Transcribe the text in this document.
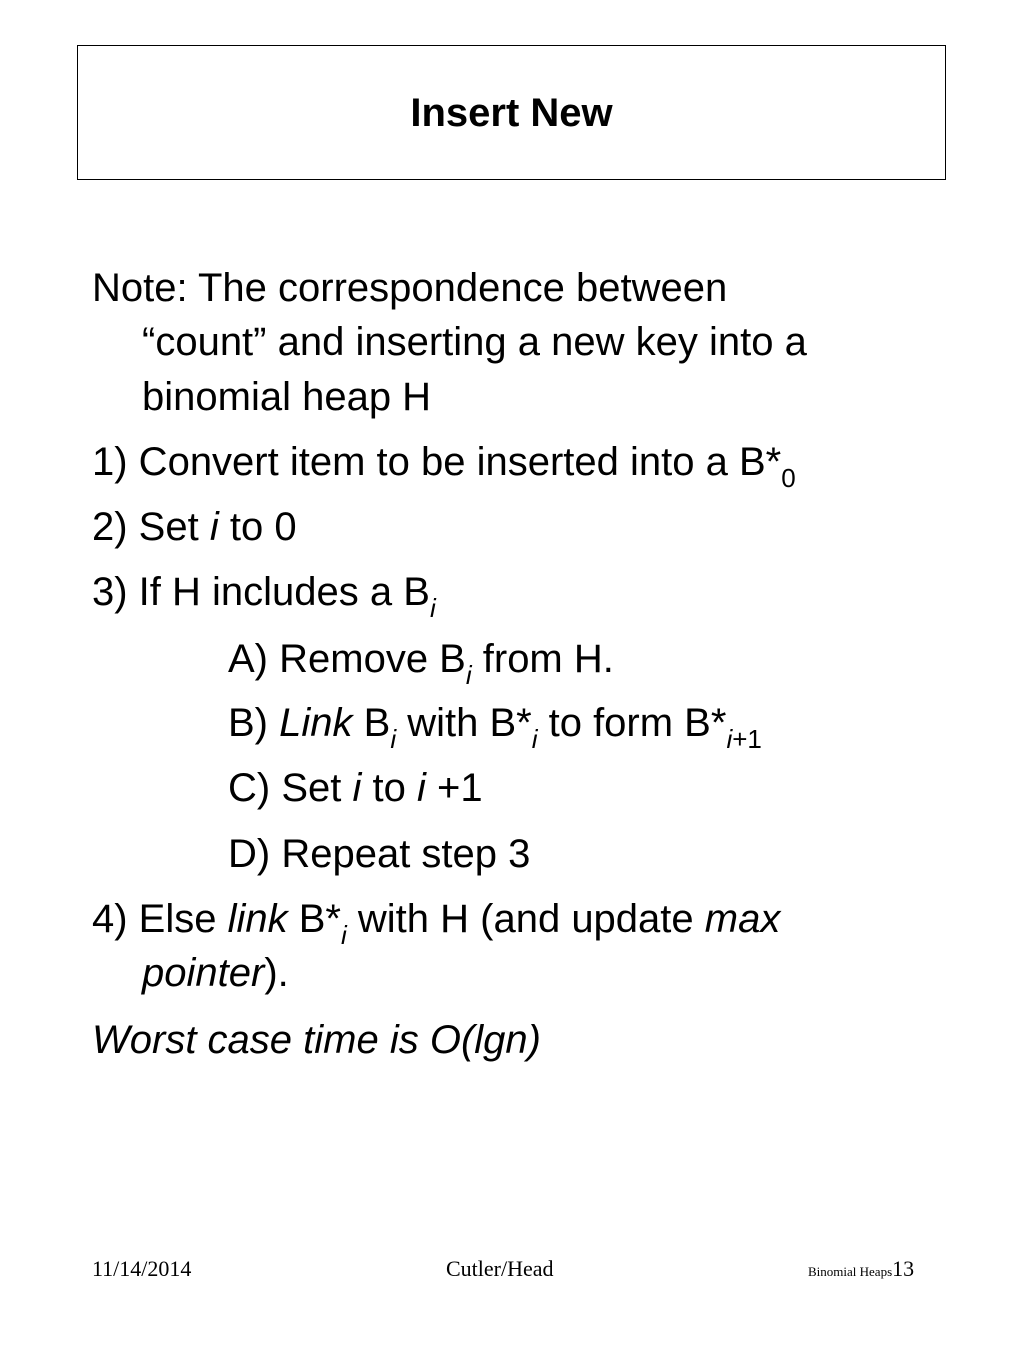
Insert New
Note: The correspondence between
“count” and inserting a new key into a
binomial heap H
1) Convert item to be inserted into a $B*_0$
2) Set i to 0
3) If H includes a $B_i$
A) Remove $B_i$ from H.
B) Link $B_i$ with $B*_i$ to form $B*_{i+1}$
C) Set i to i +1
D) Repeat step 3
4) Else link $B*_i$ with H (and update max
pointer).
Worst case time is O(lgn)
11/14/2014	Cutler/Head	Binomial Heaps13
